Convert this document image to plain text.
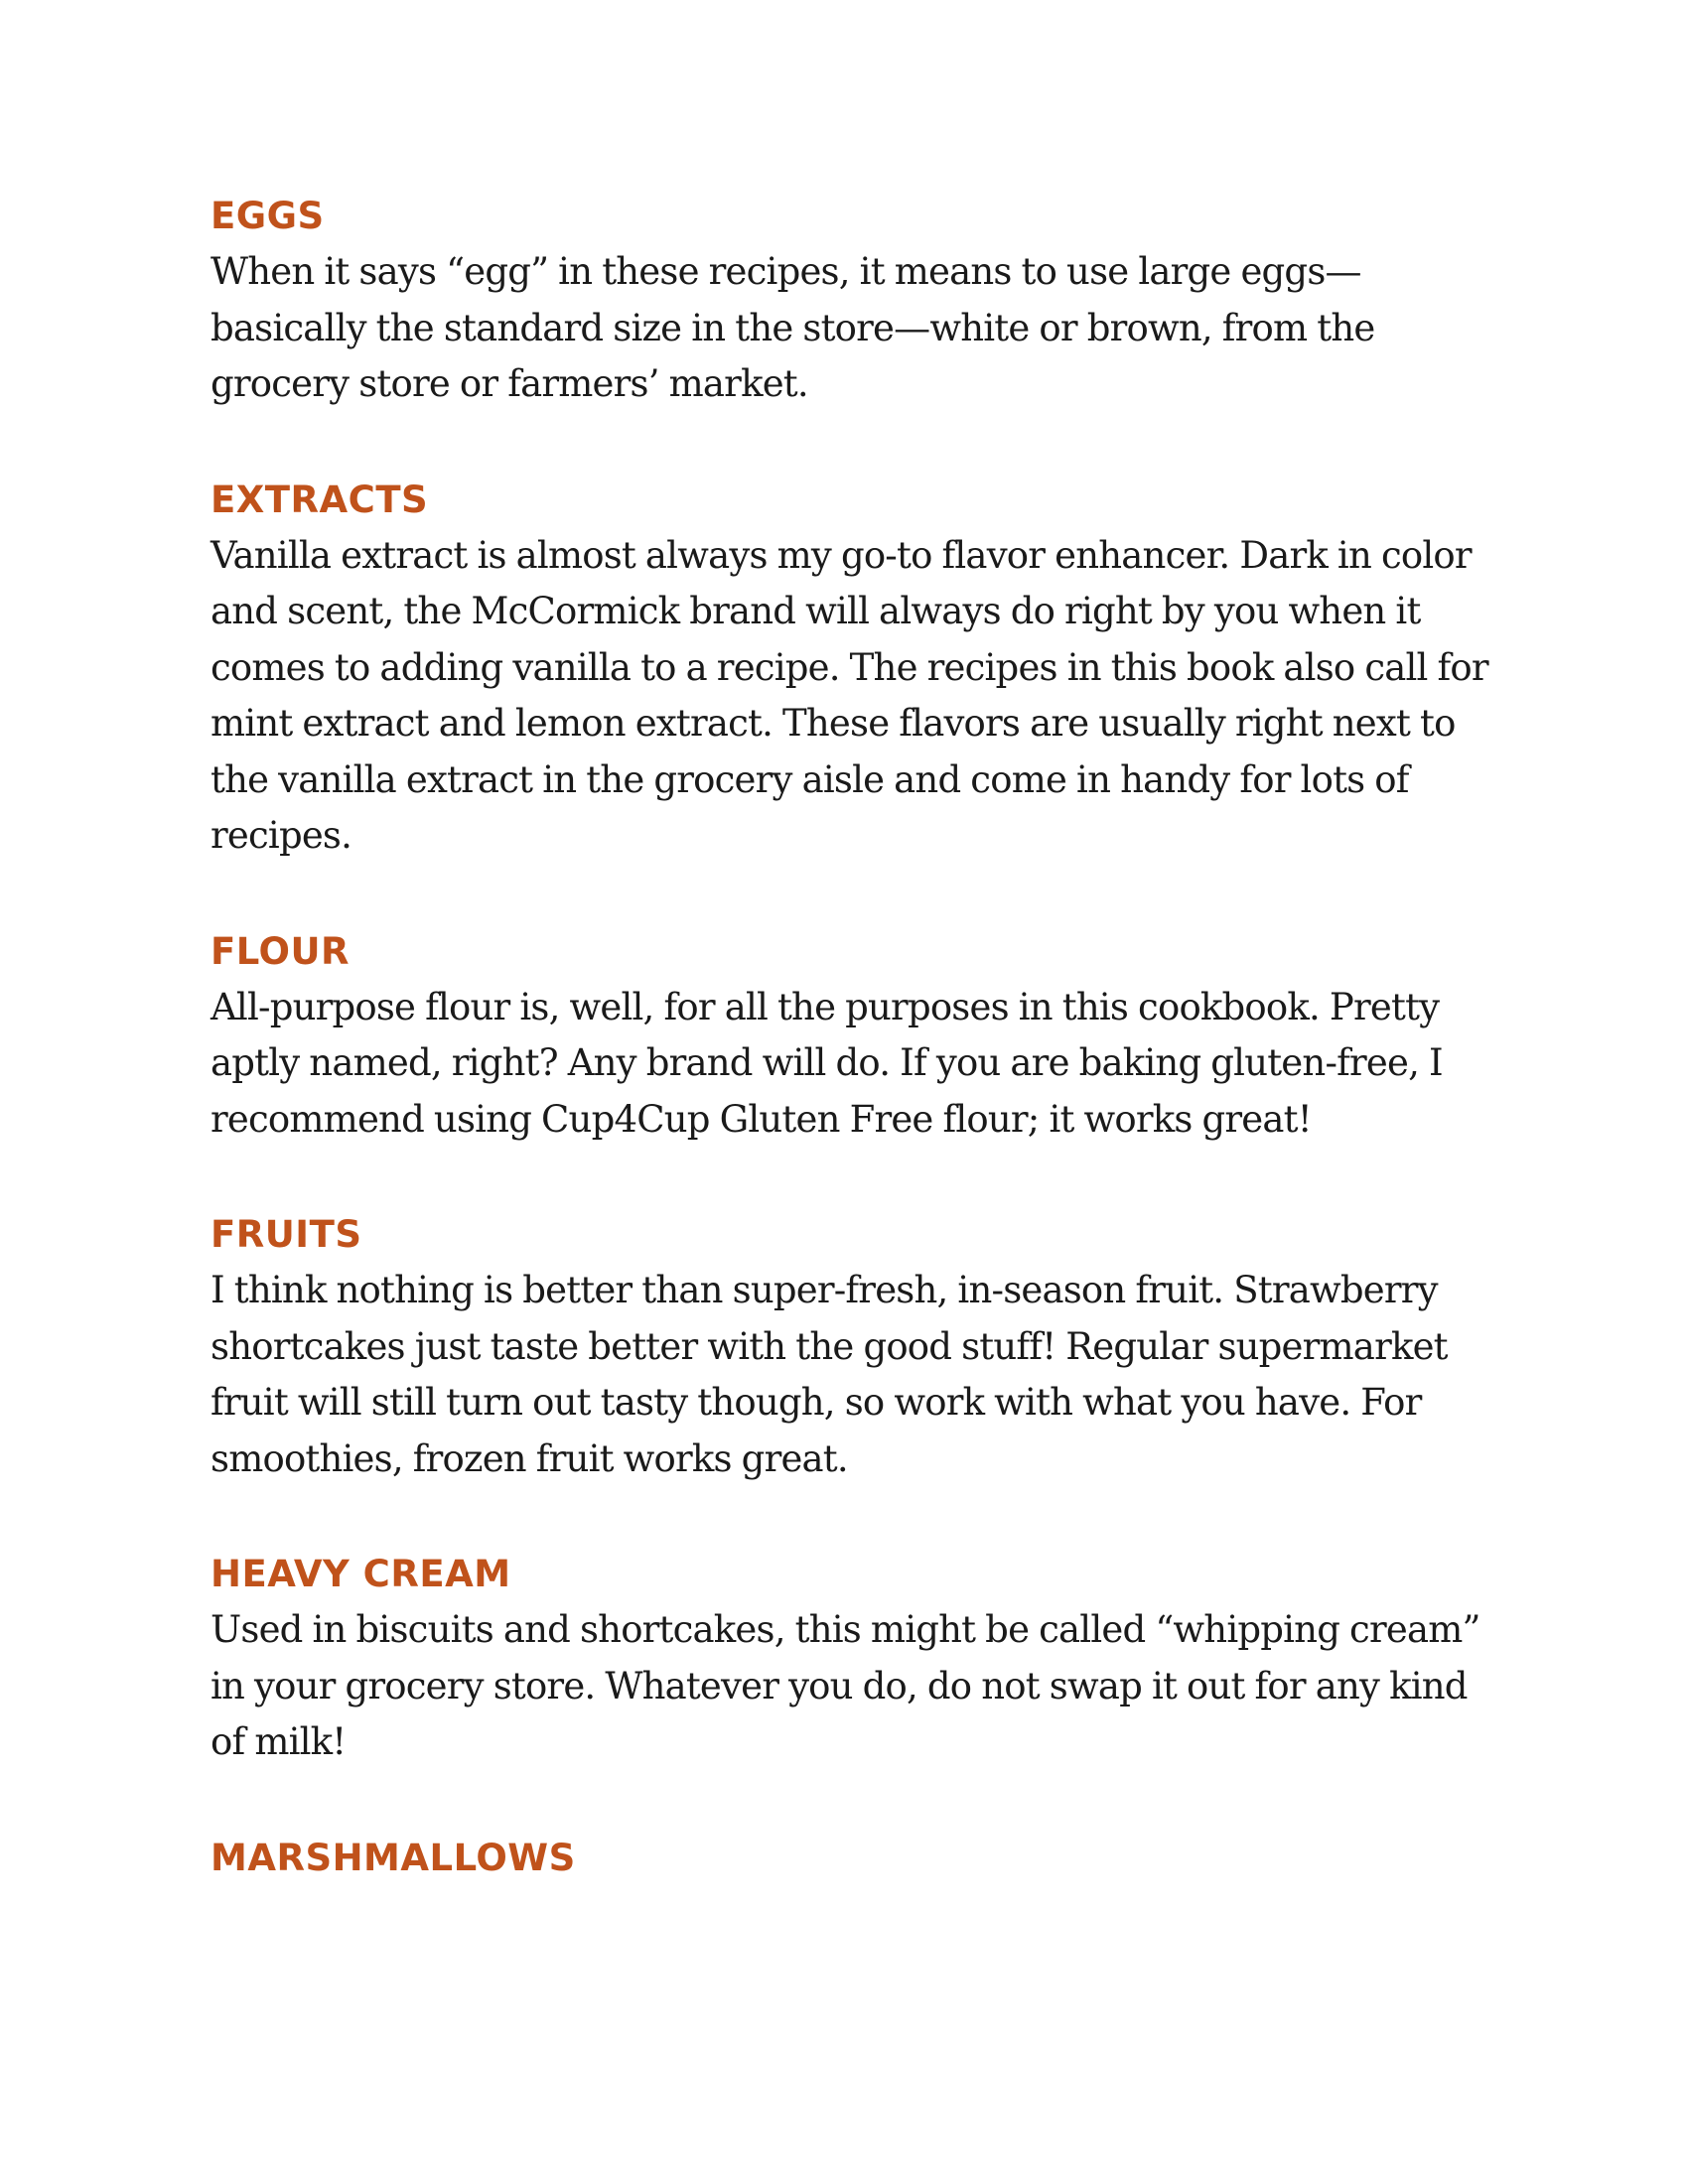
EGGS

When it says “egg” in these recipes, it means to use large eggs—basically the standard size in the store—white or brown, from the grocery store or farmers’ market.

EXTRACTS

Vanilla extract is almost always my go-to flavor enhancer. Dark in color and scent, the McCormick brand will always do right by you when it comes to adding vanilla to a recipe. The recipes in this book also call for mint extract and lemon extract. These flavors are usually right next to the vanilla extract in the grocery aisle and come in handy for lots of recipes.

FLOUR

All-purpose flour is, well, for all the purposes in this cookbook. Pretty aptly named, right? Any brand will do. If you are baking gluten-free, I recommend using Cup4Cup Gluten Free flour; it works great!

FRUITS

I think nothing is better than super-fresh, in-season fruit. Strawberry shortcakes just taste better with the good stuff! Regular supermarket fruit will still turn out tasty though, so work with what you have. For smoothies, frozen fruit works great.

HEAVY CREAM

Used in biscuits and shortcakes, this might be called “whipping cream” in your grocery store. Whatever you do, do not swap it out for any kind of milk!

MARSHMALLOWS
